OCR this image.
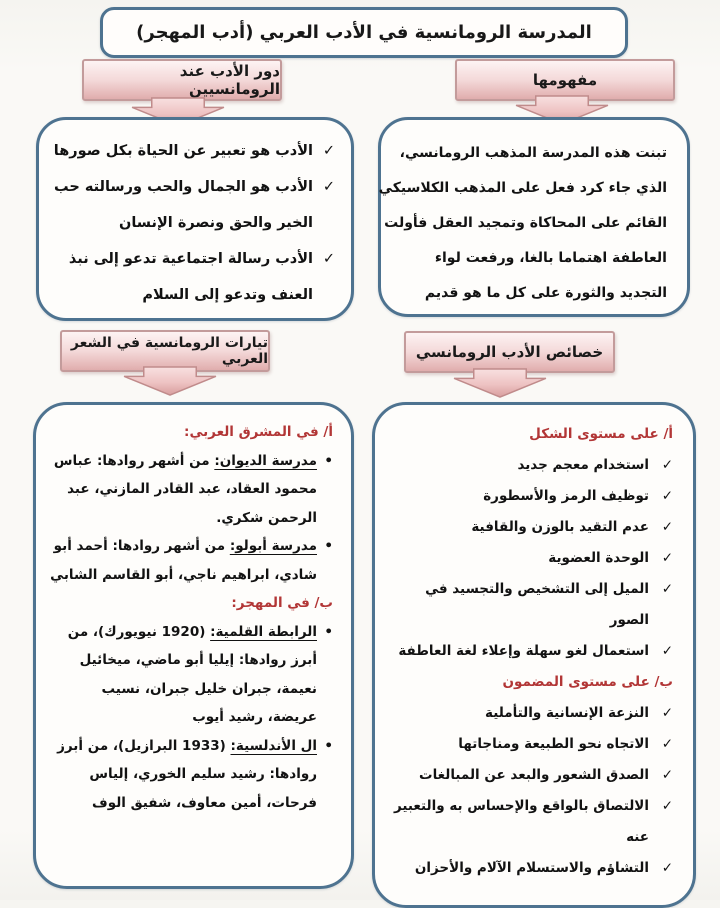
المدرسة الرومانسية في الأدب العربي (أدب المهجر)
دور الأدب عند الرومانسيين	مفهومها
✓
الأدب هو تعبير عن الحياة بكل صورها
✓
الأدب هو الجمال والحب ورسالته حب الخير والحق ونصرة الإنسان
✓
الأدب رسالة اجتماعية تدعو إلى نبذ العنف وتدعو إلى السلام
تبنت هذه المدرسة المذهب الرومانسي،
الذي جاء كرد فعل على المذهب الكلاسيكي
القائم على المحاكاة وتمجيد العقل فأولت
العاطفة اهتماما بالغا، ورفعت لواء
التجديد والثورة على كل ما هو قديم
تيارات الرومانسية في الشعر العربي	خصائص الأدب الرومانسي
أ/ في المشرق العربي:
•
مدرسة الديوان: من أشهر روادها: عباس محمود العقاد، عبد القادر المازني، عبد الرحمن شكري.
•
مدرسة أبولو: من أشهر روادها: أحمد أبو شادي، ابراهيم ناجي، أبو القاسم الشابي
ب/ في المهجر:
•
الرابطة القلمية: (1920 نيويورك)، من أبرز روادها: إيليا أبو ماضي، ميخائيل نعيمة، جبران خليل جبران، نسيب عريضة، رشيد أيوب
•
ال الأندلسية: (1933 البرازيل)، من أبرز روادها: رشيد سليم الخوري، إلياس فرحات، أمين معاوف، شفيق الوف
أ/ على مستوى الشكل
✓
استخدام معجم جديد
✓
توظيف الرمز والأسطورة
✓
عدم التقيد بالوزن والقافية
✓
الوحدة العضوية
✓
الميل إلى التشخيص والتجسيد في الصور
✓
استعمال لغو سهلة وإعلاء لغة العاطفة
ب/ على مستوى المضمون
✓
النزعة الإنسانية والتأملية
✓
الاتجاه نحو الطبيعة ومناجاتها
✓
الصدق الشعور والبعد عن المبالغات
✓
الالتصاق بالواقع والإحساس به والتعبير عنه
✓
التشاؤم والاستسلام الآلام والأحزان
